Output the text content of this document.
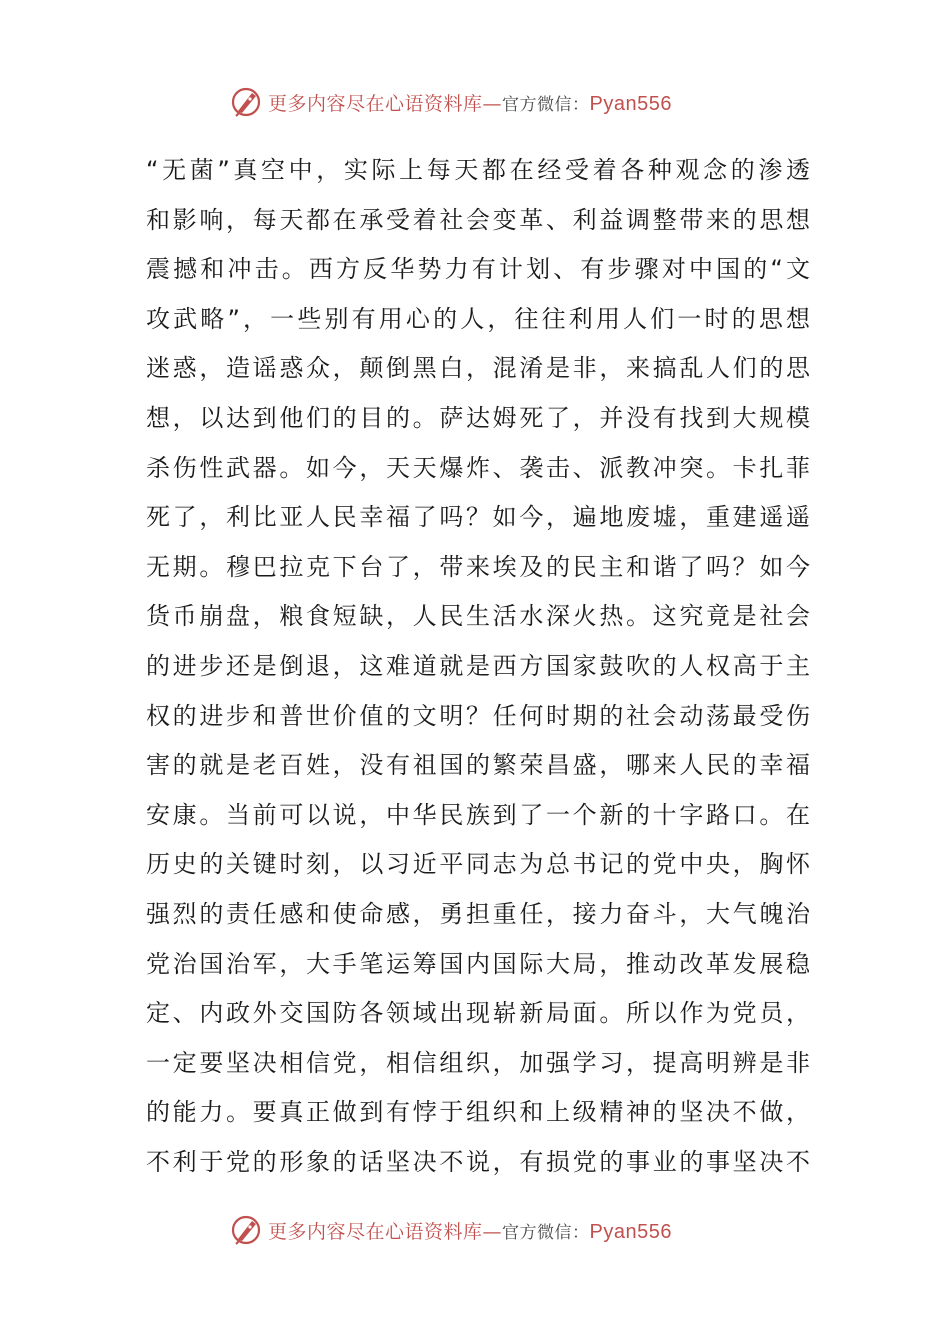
更多内容尽在心语资料库—官方微信：Pyan556
“无菌”真空中，实际上每天都在经受着各种观念的渗透
和影响，每天都在承受着社会变革、利益调整带来的思想
震撼和冲击。西方反华势力有计划、有步骤对中国的“文
攻武略”，一些别有用心的人，往往利用人们一时的思想
迷惑，造谣惑众，颠倒黑白，混淆是非，来搞乱人们的思
想，以达到他们的目的。萨达姆死了，并没有找到大规模
杀伤性武器。如今，天天爆炸、袭击、派教冲突。卡扎菲
死了，利比亚人民幸福了吗？如今，遍地废墟，重建遥遥
无期。穆巴拉克下台了，带来埃及的民主和谐了吗？如今
货币崩盘，粮食短缺，人民生活水深火热。这究竟是社会
的进步还是倒退，这难道就是西方国家鼓吹的人权高于主
权的进步和普世价值的文明？任何时期的社会动荡最受伤
害的就是老百姓，没有祖国的繁荣昌盛，哪来人民的幸福
安康。当前可以说，中华民族到了一个新的十字路口。在
历史的关键时刻，以习近平同志为总书记的党中央，胸怀
强烈的责任感和使命感，勇担重任，接力奋斗，大气魄治
党治国治军，大手笔运筹国内国际大局，推动改革发展稳
定、内政外交国防各领域出现崭新局面。所以作为党员，
一定要坚决相信党，相信组织，加强学习，提高明辨是非
的能力。要真正做到有悖于组织和上级精神的坚决不做，
不利于党的形象的话坚决不说，有损党的事业的事坚决不
更多内容尽在心语资料库—官方微信：Pyan556
